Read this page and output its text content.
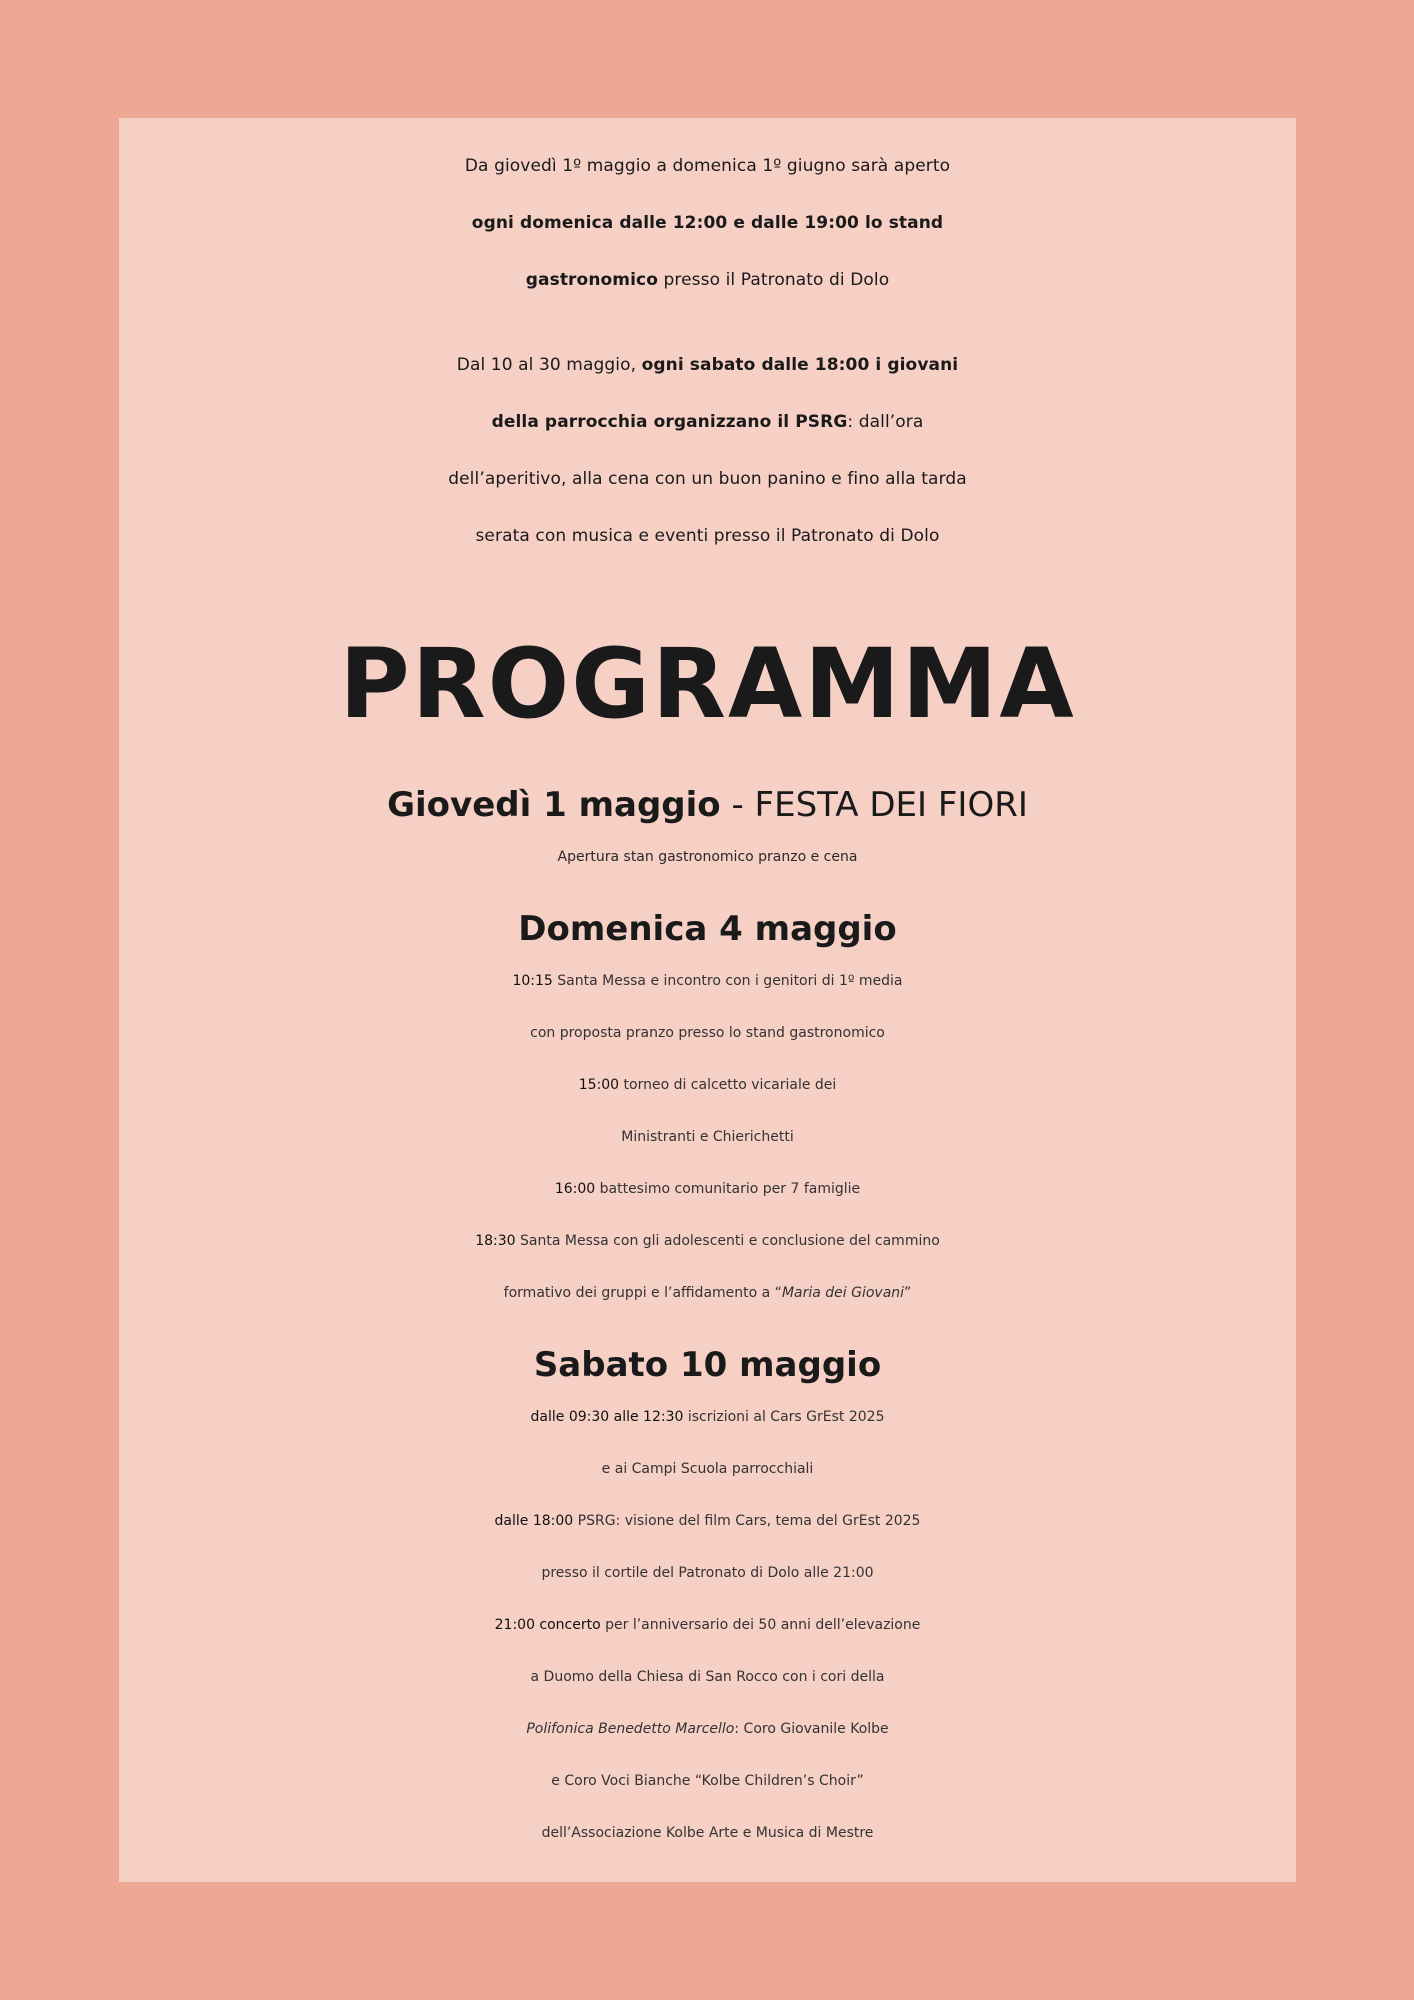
Da giovedì 1º maggio a domenica 1º giugno sarà aperto
ogni domenica dalle 12:00 e dalle 19:00 lo stand
gastronomico presso il Patronato di Dolo

Dal 10 al 30 maggio, ogni sabato dalle 18:00 i giovani
della parrocchia organizzano il PSRG: dall’ora
dell’aperitivo, alla cena con un buon panino e fino alla tarda
serata con musica e eventi presso il Patronato di Dolo

PROGRAMMA
Giovedì 1 maggio - FESTA DEI FIORI
Apertura stan gastronomico pranzo e cena
Domenica 4 maggio
10:15 Santa Messa e incontro con i genitori di 1º media
con proposta pranzo presso lo stand gastronomico
15:00 torneo di calcetto vicariale dei
Ministranti e Chierichetti
16:00 battesimo comunitario per 7 famiglie
18:30 Santa Messa con gli adolescenti e conclusione del cammino
formativo dei gruppi e l’affidamento a “Maria dei Giovani”
Sabato 10 maggio
dalle 09:30 alle 12:30 iscrizioni al Cars GrEst 2025
e ai Campi Scuola parrocchiali
dalle 18:00 PSRG: visione del film Cars, tema del GrEst 2025
presso il cortile del Patronato di Dolo alle 21:00
21:00 concerto per l’anniversario dei 50 anni dell’elevazione
a Duomo della Chiesa di San Rocco con i cori della
Polifonica Benedetto Marcello: Coro Giovanile Kolbe
e Coro Voci Bianche “Kolbe Children’s Choir”
dell’Associazione Kolbe Arte e Musica di Mestre
